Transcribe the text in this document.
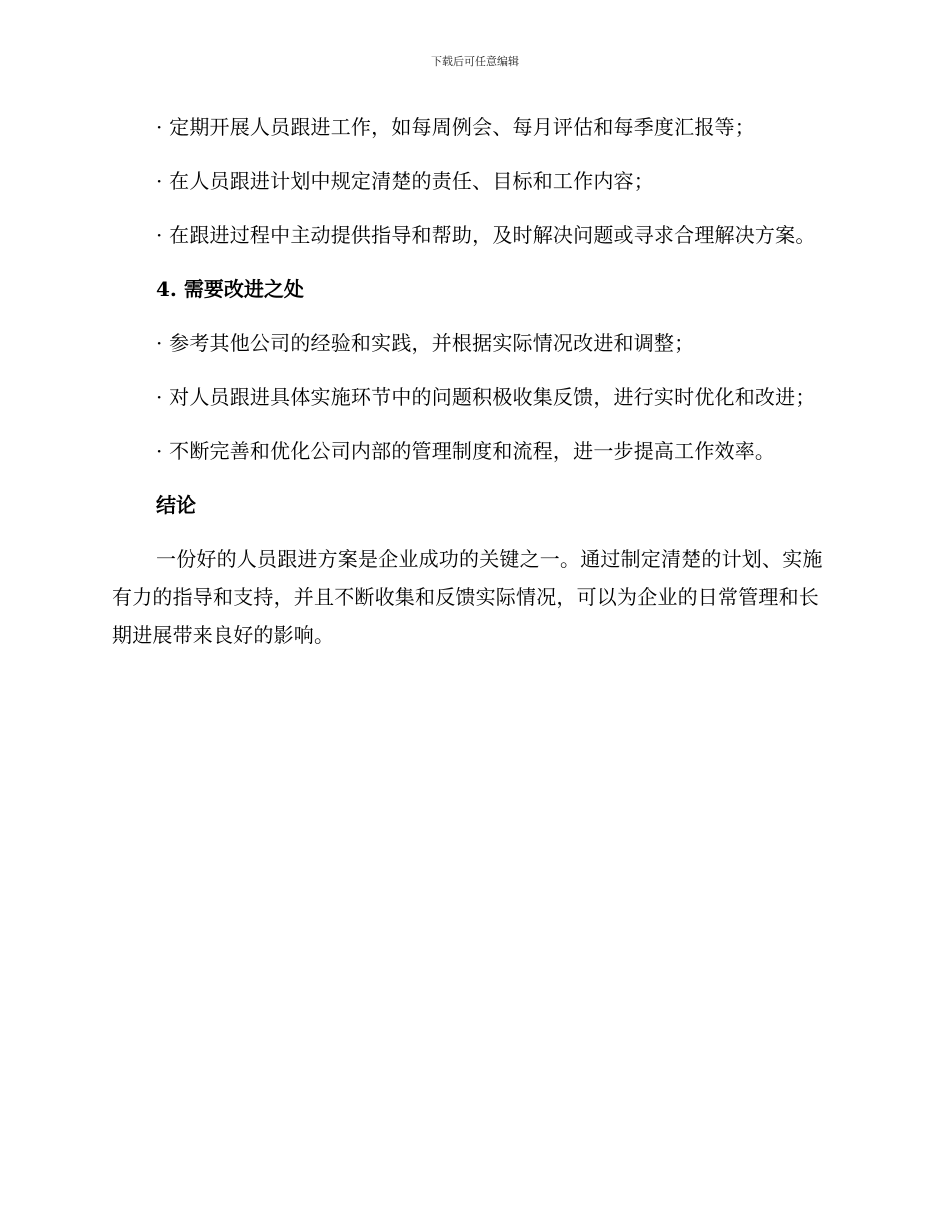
下载后可任意编辑

· 定期开展人员跟进工作，如每周例会、每月评估和每季度汇报等；

· 在人员跟进计划中规定清楚的责任、目标和工作内容；

· 在跟进过程中主动提供指导和帮助，及时解决问题或寻求合理解决方案。

4. 需要改进之处

· 参考其他公司的经验和实践，并根据实际情况改进和调整；

· 对人员跟进具体实施环节中的问题积极收集反馈，进行实时优化和改进；

· 不断完善和优化公司内部的管理制度和流程，进一步提高工作效率。

结论

一份好的人员跟进方案是企业成功的关键之一。通过制定清楚的计划、实施有力的指导和支持，并且不断收集和反馈实际情况，可以为企业的日常管理和长期进展带来良好的影响。
